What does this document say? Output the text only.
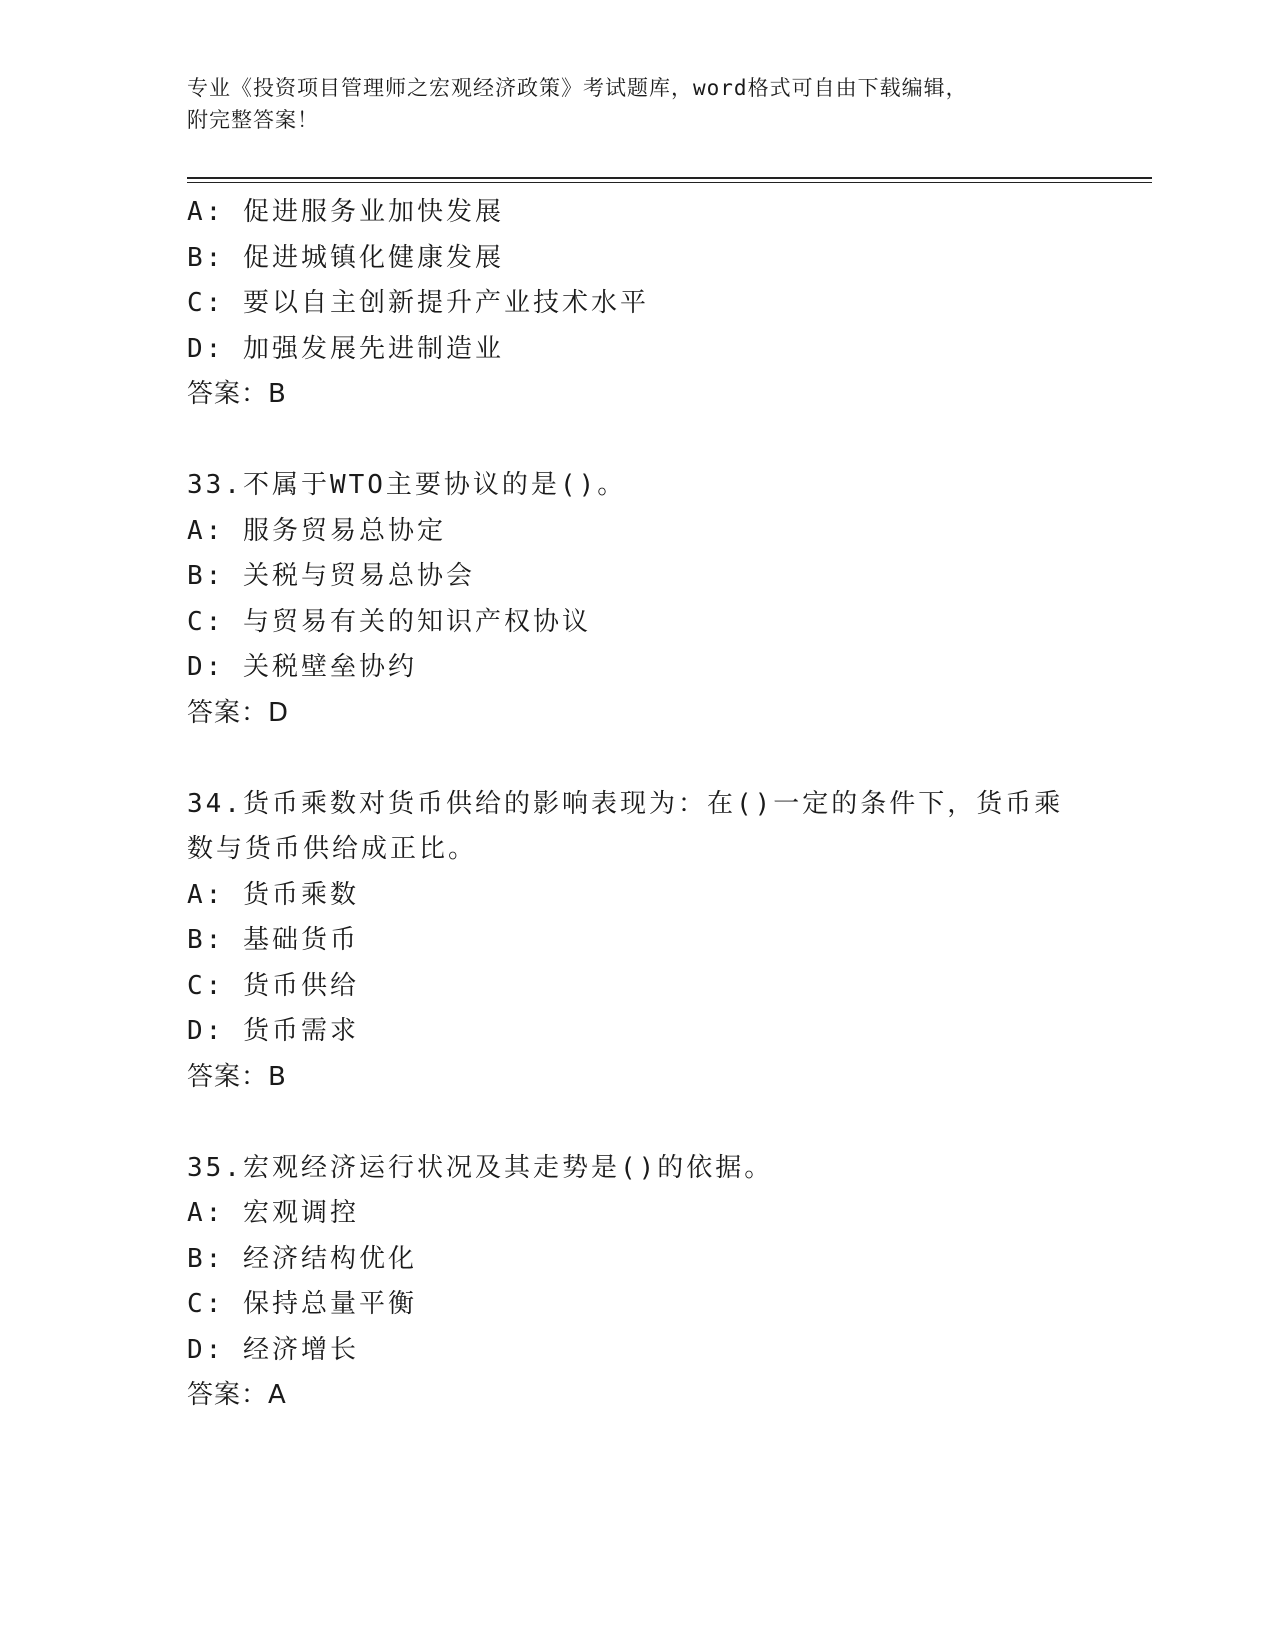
专业《投资项目管理师之宏观经济政策》考试题库，word格式可自由下载编辑，
附完整答案！
A: 促进服务业加快发展
B: 促进城镇化健康发展
C: 要以自主创新提升产业技术水平
D: 加强发展先进制造业
答案：B
33.不属于WTO主要协议的是()。
A: 服务贸易总协定
B: 关税与贸易总协会
C: 与贸易有关的知识产权协议
D: 关税壁垒协约
答案：D
34.货币乘数对货币供给的影响表现为：在()一定的条件下，货币乘数与货币供给成正比。
A: 货币乘数
B: 基础货币
C: 货币供给
D: 货币需求
答案：B
35.宏观经济运行状况及其走势是()的依据。
A: 宏观调控
B: 经济结构优化
C: 保持总量平衡
D: 经济增长
答案：A
